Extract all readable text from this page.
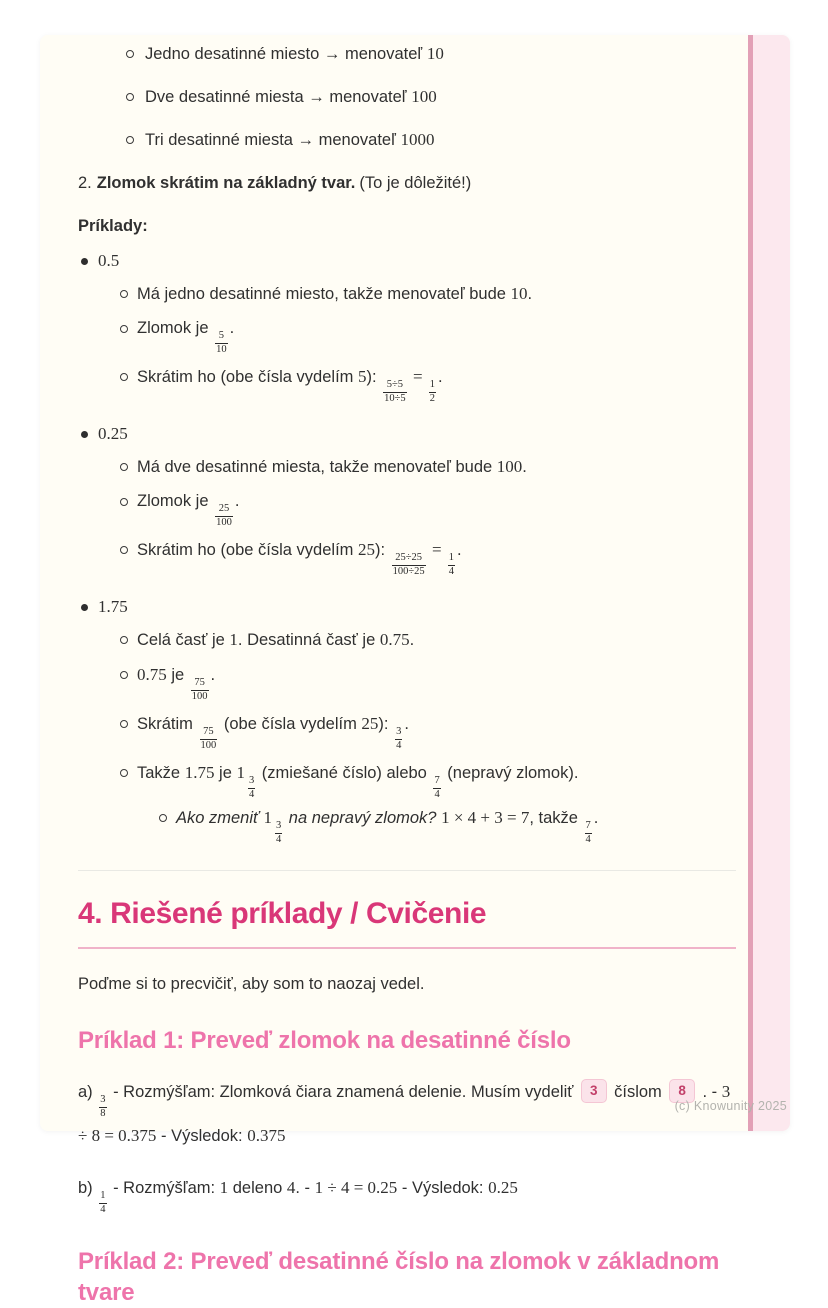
Jedno desatinné miesto → menovateľ 10
Dve desatinné miesta → menovateľ 100
Tri desatinné miesta → menovateľ 1000

2. Zlomok skrátim na základný tvar. (To je dôležité!)

Príklady:

0.5
Má jedno desatinné miesto, takže menovateľ bude 10.
Zlomok je
$\frac{5}{10}$
.
Skrátim ho (obe čísla vydelím 5):
$\frac{5\div 5}{10\div 5}$
=
$\frac{1}{2}$
.
0.25
Má dve desatinné miesta, takže menovateľ bude 100.
Zlomok je
$\frac{25}{100}$
.
Skrátim ho (obe čísla vydelím 25):
$\frac{25\div 25}{100\div 25}$
=
$\frac{1}{4}$
.
1.75
Celá časť je 1. Desatinná časť je 0.75.
0.75 je
$\frac{75}{100}$
.
Skrátim
$\frac{75}{100}$
(obe čísla vydelím 25):
$\frac{3}{4}$
.
Takže 1.75 je 1
$\frac{3}{4}$
(zmiešané číslo) alebo
$\frac{7}{4}$
(nepravý zlomok).
Ako zmeniť 1
$\frac{3}{4}$
na nepravý zlomok? 1 × 4 + 3 = 7, takže
$\frac{7}{4}$
.
4. Riešené príklady / Cvičenie

Poďme si to precvičiť, aby som to naozaj vedel.

Príklad 1: Preveď zlomok na desatinné číslo

a)
$\frac{3}{8}$
- Rozmýšľam: Zlomková čiara znamená delenie. Musím vydeliť 3 číslom 8 . - 3 ÷ 8 = 0.375 - Výsledok: 0.375

b)
$\frac{1}{4}$
- Rozmýšľam: 1 deleno 4. - 1 ÷ 4 = 0.25 - Výsledok: 0.25

Príklad 2: Preveď desatinné číslo na zlomok v základnom tvare
(c) Knowunity 2025
